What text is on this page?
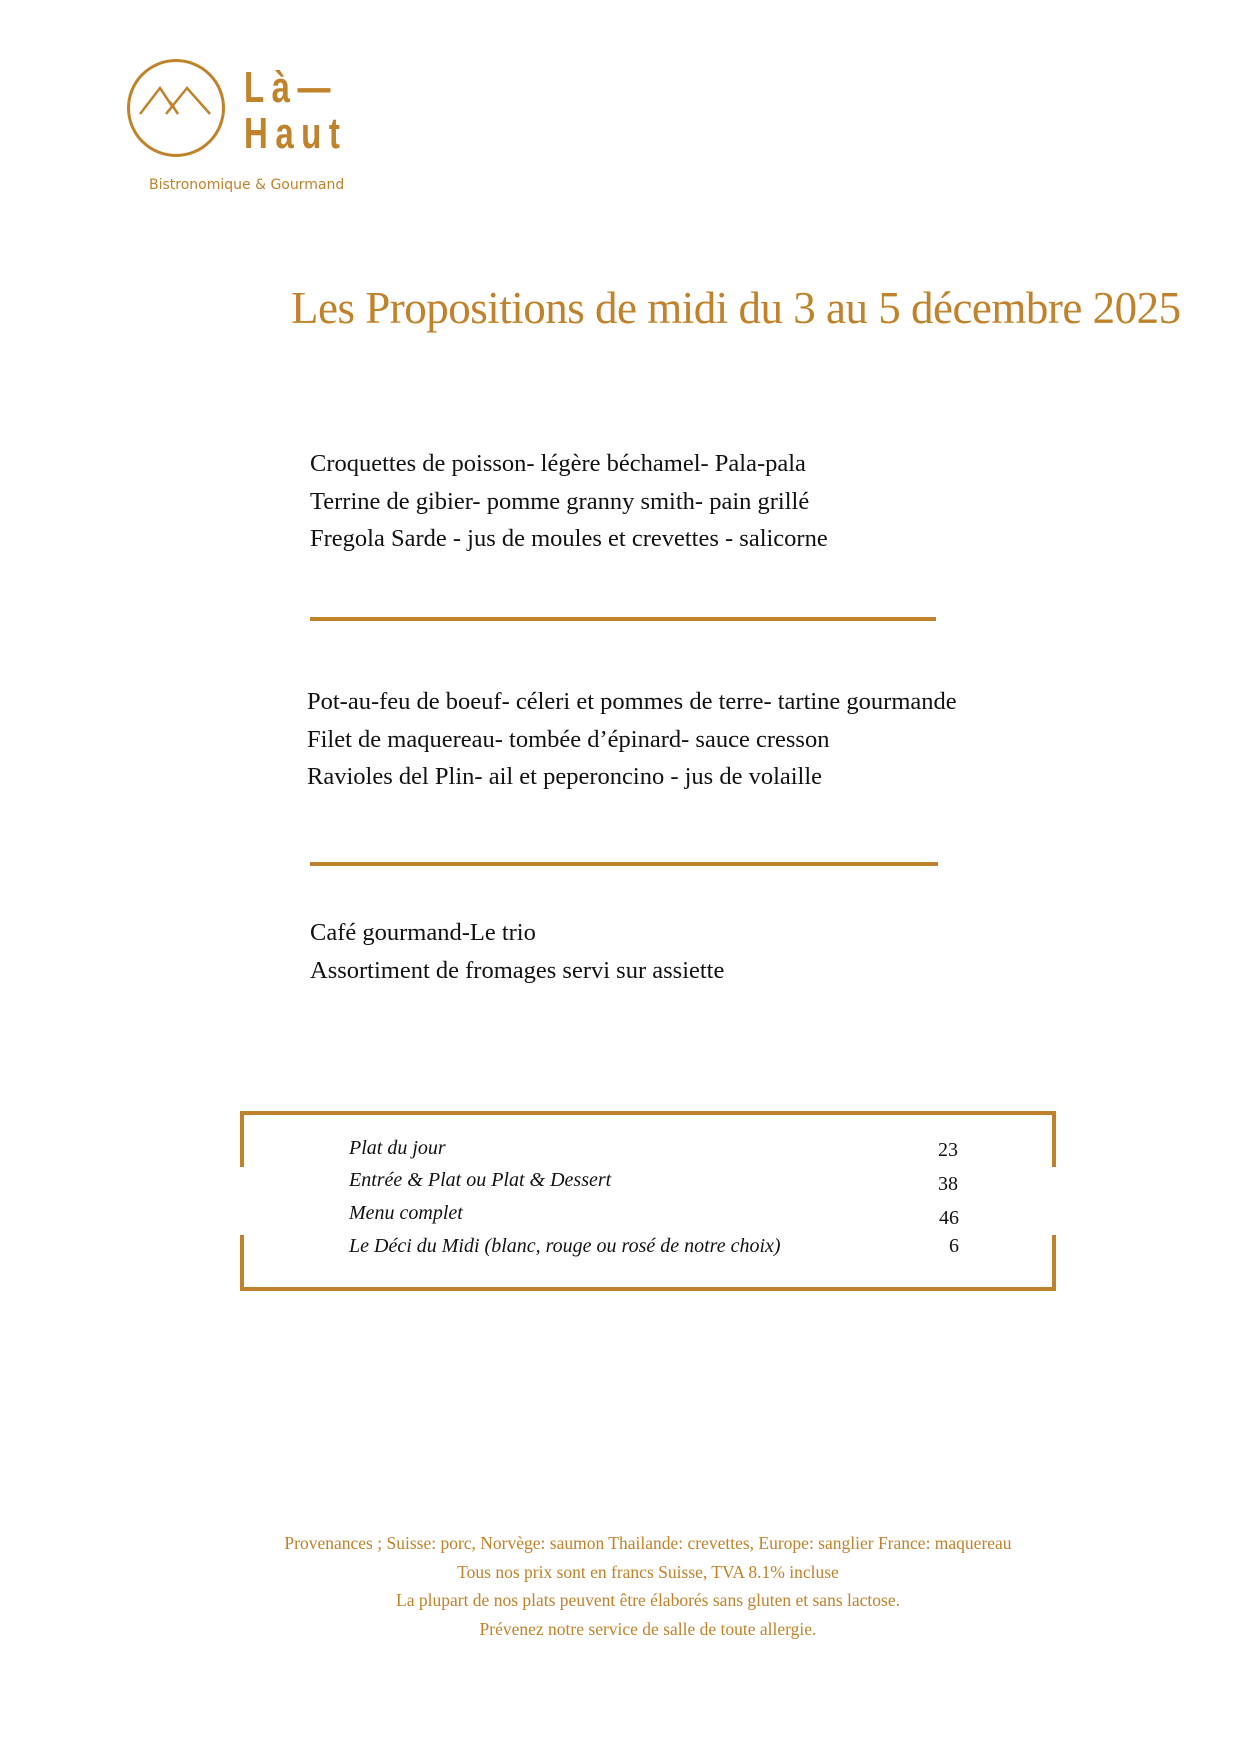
Là—
Haut
Bistronomique & Gourmand
Les Propositions de midi du 3 au 5 décembre 2025
Croquettes de poisson- légère béchamel- Pala-pala
Terrine de gibier- pomme granny smith- pain grillé
Fregola Sarde - jus de moules et crevettes - salicorne
Pot-au-feu de boeuf- céleri et pommes de terre- tartine gourmande
Filet de maquereau- tombée d’épinard- sauce cresson
Ravioles del Plin- ail et peperoncino - jus de volaille
Café gourmand-Le trio
Assortiment de fromages servi sur assiette
Plat du jour	23
Entrée & Plat ou Plat & Dessert	38
Menu complet	46
Le Déci du Midi (blanc, rouge ou rosé de notre choix)	6
Provenances ; Suisse: porc, Norvège: saumon Thailande: crevettes, Europe: sanglier France: maquereau
Tous nos prix sont en francs Suisse, TVA 8.1% incluse
La plupart de nos plats peuvent être élaborés sans gluten et sans lactose.
Prévenez notre service de salle de toute allergie.
